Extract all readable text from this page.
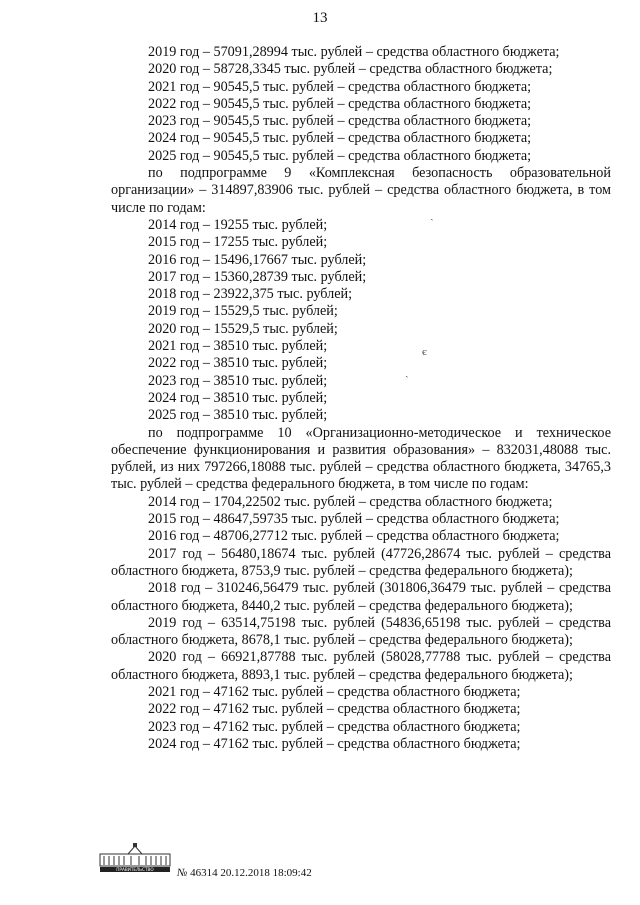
13

2019 год – 57091,28994 тыс. рублей – средства областного бюджета;

2020 год – 58728,3345 тыс. рублей – средства областного бюджета;

2021 год – 90545,5 тыс. рублей – средства областного бюджета;

2022 год – 90545,5 тыс. рублей – средства областного бюджета;

2023 год – 90545,5 тыс. рублей – средства областного бюджета;

2024 год – 90545,5 тыс. рублей – средства областного бюджета;

2025 год – 90545,5 тыс. рублей – средства областного бюджета;

по подпрограмме 9 «Комплексная безопасность образовательной организации» – 314897,83906 тыс. рублей – средства областного бюджета, в том числе по годам:

2014 год – 19255 тыс. рублей;

2015 год – 17255 тыс. рублей;

2016 год – 15496,17667 тыс. рублей;

2017 год – 15360,28739 тыс. рублей;

2018 год – 23922,375 тыс. рублей;

2019 год – 15529,5 тыс. рублей;

2020 год – 15529,5 тыс. рублей;

2021 год – 38510 тыс. рублей;

2022 год – 38510 тыс. рублей;

2023 год – 38510 тыс. рублей;

2024 год – 38510 тыс. рублей;

2025 год – 38510 тыс. рублей;

по подпрограмме 10 «Организационно-методическое и техническое обеспечение функционирования и развития образования» – 832031,48088 тыс. рублей, из них 797266,18088 тыс. рублей – средства областного бюджета, 34765,3 тыс. рублей – средства федерального бюджета, в том числе по годам:

2014 год – 1704,22502 тыс. рублей – средства областного бюджета;

2015 год – 48647,59735 тыс. рублей – средства областного бюджета;

2016 год – 48706,27712 тыс. рублей – средства областного бюджета;

2017 год – 56480,18674 тыс. рублей (47726,28674 тыс. рублей – средства областного бюджета, 8753,9 тыс. рублей – средства федерального бюджета);

2018 год – 310246,56479 тыс. рублей (301806,36479 тыс. рублей – средства областного бюджета, 8440,2 тыс. рублей – средства федерального бюджета);

2019 год – 63514,75198 тыс. рублей (54836,65198 тыс. рублей – средства областного бюджета, 8678,1 тыс. рублей – средства федерального бюджета);

2020 год – 66921,87788 тыс. рублей (58028,77788 тыс. рублей – средства областного бюджета, 8893,1 тыс. рублей – средства федерального бюджета);

2021 год – 47162 тыс. рублей – средства областного бюджета;

2022 год – 47162 тыс. рублей – средства областного бюджета;

2023 год – 47162 тыс. рублей – средства областного бюджета;

2024 год – 47162 тыс. рублей – средства областного бюджета;

ˏ
є
ˏ
ПРАВИТЕЛЬСТВО № 46314 20.12.2018 18:09:42
